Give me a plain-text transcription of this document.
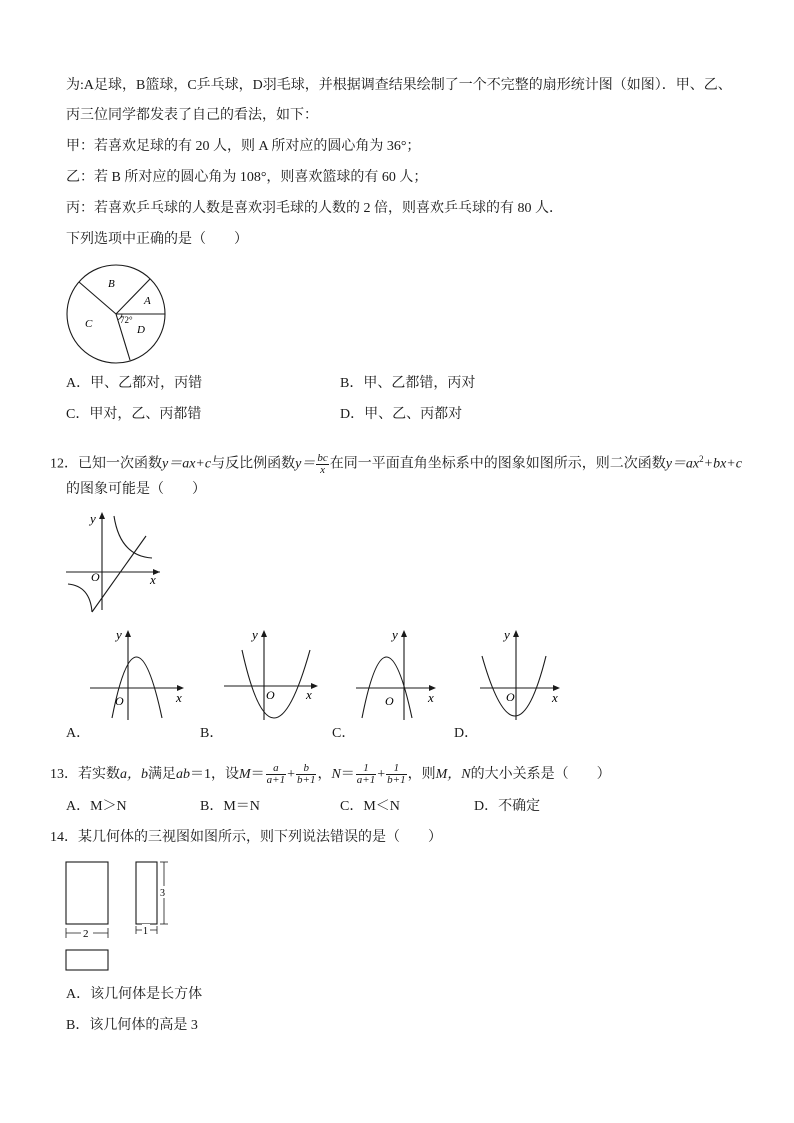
为:A足球，B篮球，C乒乓球，D羽毛球，并根据调查结果绘制了一个不完整的扇形统计图（如图）．甲、乙、
丙三位同学都发表了自己的看法，如下：
甲：若喜欢足球的有 20 人，则 A 所对应的圆心角为 36°；
乙：若 B 所对应的圆心角为 108°，则喜欢篮球的有 60 人；
丙：若喜欢乒乓球的人数是喜欢羽毛球的人数的 2 倍，则喜欢乒乓球的有 80 人．
下列选项中正确的是（　　）
B
A
C	D
72°
A．甲、乙都对，丙错	B．甲、乙都错，丙对
C．甲对，乙、丙都错	D．甲、乙、丙都对
12．已知一次函数y＝ax+c与反比例函数$y= \frac{bc}{x}$ 在同一平面直角坐标系中的图象如图所示，则二次函数$y=ax^2+bx+c$
的图象可能是（　　）
y
x
O
y
x
O
A．
y
x
O
B．
y
x
O
C．
y
x
O
D．
13．若实数a，b满足ab＝1，设$M= \frac{a}{a+1} + \frac{b}{b+1}$ ，$N= \frac{1}{a+1} + \frac{1}{b+1}$ ，则M，N的大小关系是（　　）
A．M＞N	B．M＝N	C．M＜N	D．不确定
14．某几何体的三视图如图所示，则下列说法错误的是（　　）
2	1
3
A．该几何体是长方体
B．该几何体的高是 3
